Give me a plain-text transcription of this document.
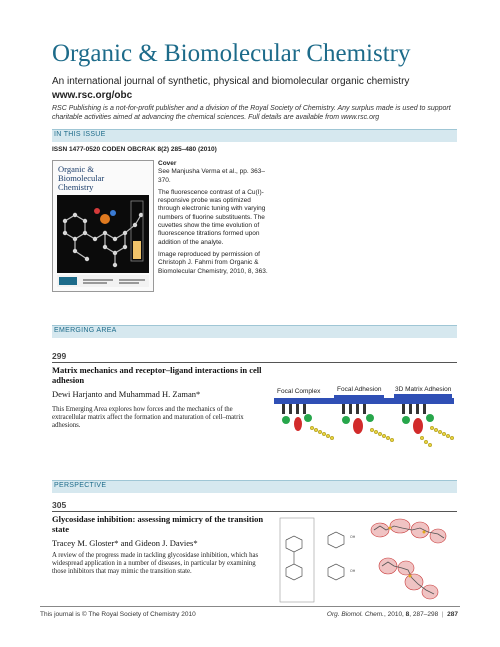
Organic & Biomolecular Chemistry
An international journal of synthetic, physical and biomolecular organic chemistry
www.rsc.org/obc
RSC Publishing is a not-for-profit publisher and a division of the Royal Society of Chemistry. Any surplus made is used to support charitable activities aimed at advancing the chemical sciences. Full details are available from www.rsc.org
IN THIS ISSUE
ISSN 1477-0520 CODEN OBCRAK 8(2) 285–480 (2010)
Organic &
Biomolecular
Chemistry
Cover
See Manjusha Verma et al., pp. 363–370.
The fluorescence contrast of a Cu(I)-responsive probe was optimized through electronic tuning with varying numbers of fluorine substituents. The cuvettes show the time evolution of fluorescence titrations formed upon addition of the analyte.
Image reproduced by permission of Christoph J. Fahrni from Organic & Biomolecular Chemistry, 2010, 8, 363.
EMERGING AREA
299
Matrix mechanics and receptor–ligand interactions in cell adhesion
Dewi Harjanto and Muhammad H. Zaman*
This Emerging Area explores how forces and the mechanics of the extracellular matrix affect the formation and maturation of cell–matrix adhesions.
Focal Complex	Focal Adhesion 3D Matrix Adhesion
PERSPECTIVE
305
Glycosidase inhibition: assessing mimicry of the transition state
Tracey M. Gloster* and Gideon J. Davies*
A review of the progress made in tackling glycosidase inhibition, which has widespread application in a number of diseases, in particular by examining those inhibitors that may mimic the transition state.
OH
OH
This journal is © The Royal Society of Chemistry 2010	Org. Biomol. Chem., 2010, 8, 287–298  |  287
